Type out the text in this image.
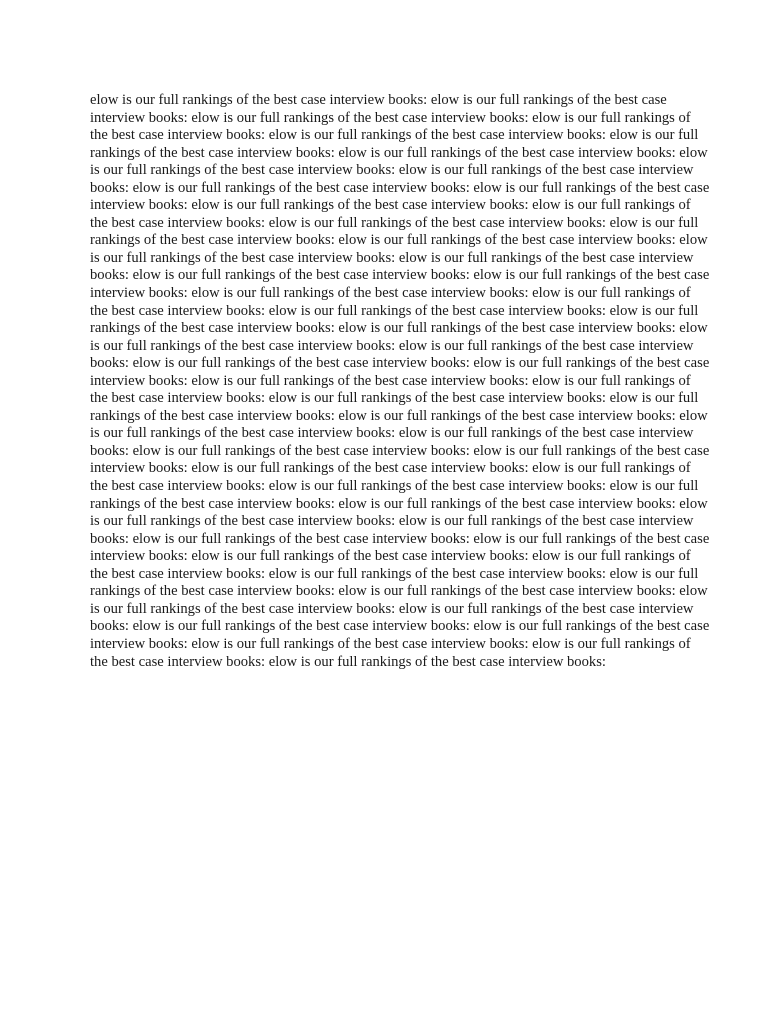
elow is our full rankings of the best case interview books: elow is our full rankings of the best case
interview books: elow is our full rankings of the best case interview books: elow is our full rankings of
the best case interview books: elow is our full rankings of the best case interview books: elow is our full
rankings of the best case interview books: elow is our full rankings of the best case interview books: elow
is our full rankings of the best case interview books: elow is our full rankings of the best case interview
books: elow is our full rankings of the best case interview books: elow is our full rankings of the best case
interview books: elow is our full rankings of the best case interview books: elow is our full rankings of
the best case interview books: elow is our full rankings of the best case interview books: elow is our full
rankings of the best case interview books: elow is our full rankings of the best case interview books: elow
is our full rankings of the best case interview books: elow is our full rankings of the best case interview
books: elow is our full rankings of the best case interview books: elow is our full rankings of the best case
interview books: elow is our full rankings of the best case interview books: elow is our full rankings of
the best case interview books: elow is our full rankings of the best case interview books: elow is our full
rankings of the best case interview books: elow is our full rankings of the best case interview books: elow
is our full rankings of the best case interview books: elow is our full rankings of the best case interview
books: elow is our full rankings of the best case interview books: elow is our full rankings of the best case
interview books: elow is our full rankings of the best case interview books: elow is our full rankings of
the best case interview books: elow is our full rankings of the best case interview books: elow is our full
rankings of the best case interview books: elow is our full rankings of the best case interview books: elow
is our full rankings of the best case interview books: elow is our full rankings of the best case interview
books: elow is our full rankings of the best case interview books: elow is our full rankings of the best case
interview books: elow is our full rankings of the best case interview books: elow is our full rankings of
the best case interview books: elow is our full rankings of the best case interview books: elow is our full
rankings of the best case interview books: elow is our full rankings of the best case interview books: elow
is our full rankings of the best case interview books: elow is our full rankings of the best case interview
books: elow is our full rankings of the best case interview books: elow is our full rankings of the best case
interview books: elow is our full rankings of the best case interview books: elow is our full rankings of
the best case interview books: elow is our full rankings of the best case interview books: elow is our full
rankings of the best case interview books: elow is our full rankings of the best case interview books: elow
is our full rankings of the best case interview books: elow is our full rankings of the best case interview
books: elow is our full rankings of the best case interview books: elow is our full rankings of the best case
interview books: elow is our full rankings of the best case interview books: elow is our full rankings of
the best case interview books: elow is our full rankings of the best case interview books:
